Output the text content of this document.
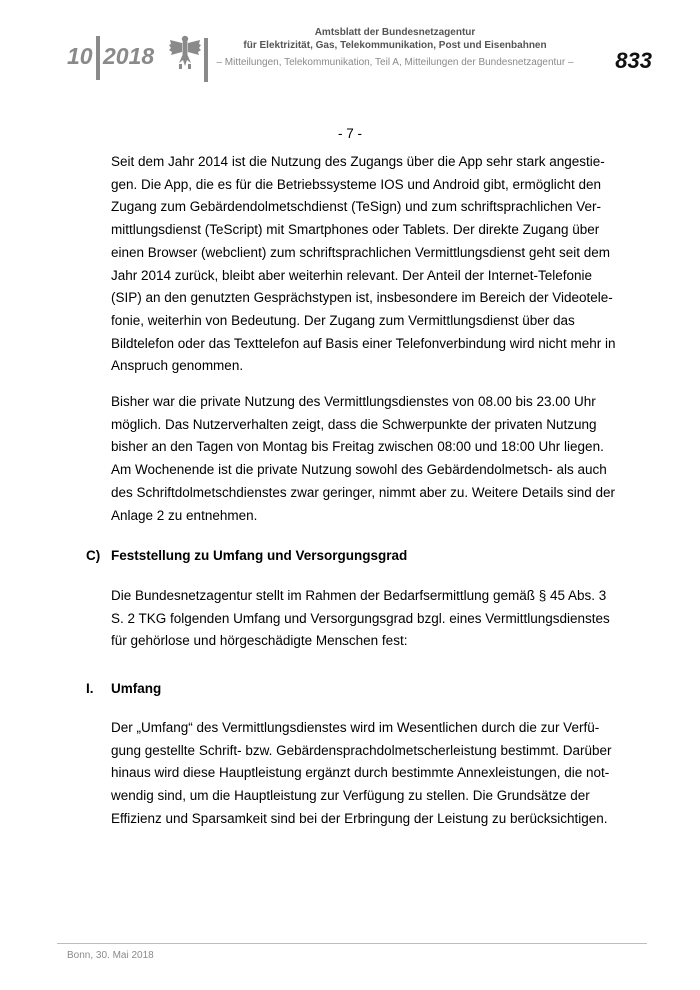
10 2018
Amtsblatt der Bundesnetzagentur
für Elektrizität, Gas, Telekommunikation, Post und Eisenbahnen
– Mitteilungen, Telekommunikation, Teil A, Mitteilungen der Bundesnetzagentur –	833
- 7 -
Seit dem Jahr 2014 ist die Nutzung des Zugangs über die App sehr stark angestie-
gen. Die App, die es für die Betriebssysteme IOS und Android gibt, ermöglicht den
Zugang zum Gebärdendolmetschdienst (TeSign) und zum schriftsprachlichen Ver-
mittlungsdienst (TeScript) mit Smartphones oder Tablets. Der direkte Zugang über
einen Browser (webclient) zum schriftsprachlichen Vermittlungsdienst geht seit dem
Jahr 2014 zurück, bleibt aber weiterhin relevant. Der Anteil der Internet-Telefonie
(SIP) an den genutzten Gesprächstypen ist, insbesondere im Bereich der Videotele-
fonie, weiterhin von Bedeutung. Der Zugang zum Vermittlungsdienst über das
Bildtelefon oder das Texttelefon auf Basis einer Telefonverbindung wird nicht mehr in
Anspruch genommen.
Bisher war die private Nutzung des Vermittlungsdienstes von 08.00 bis 23.00 Uhr
möglich. Das Nutzerverhalten zeigt, dass die Schwerpunkte der privaten Nutzung
bisher an den Tagen von Montag bis Freitag zwischen 08:00 und 18:00 Uhr liegen.
Am Wochenende ist die private Nutzung sowohl des Gebärdendolmetsch- als auch
des Schriftdolmetschdienstes zwar geringer, nimmt aber zu. Weitere Details sind der
Anlage 2 zu entnehmen.
C) Feststellung zu Umfang und Versorgungsgrad
Die Bundesnetzagentur stellt im Rahmen der Bedarfsermittlung gemäß § 45 Abs. 3
S. 2 TKG folgenden Umfang und Versorgungsgrad bzgl. eines Vermittlungsdienstes
für gehörlose und hörgeschädigte Menschen fest:
I. Umfang
Der „Umfang“ des Vermittlungsdienstes wird im Wesentlichen durch die zur Verfü-
gung gestellte Schrift- bzw. Gebärdensprachdolmetscherleistung bestimmt. Darüber
hinaus wird diese Hauptleistung ergänzt durch bestimmte Annexleistungen, die not-
wendig sind, um die Hauptleistung zur Verfügung zu stellen. Die Grundsätze der
Effizienz und Sparsamkeit sind bei der Erbringung der Leistung zu berücksichtigen.
Bonn, 30. Mai 2018
